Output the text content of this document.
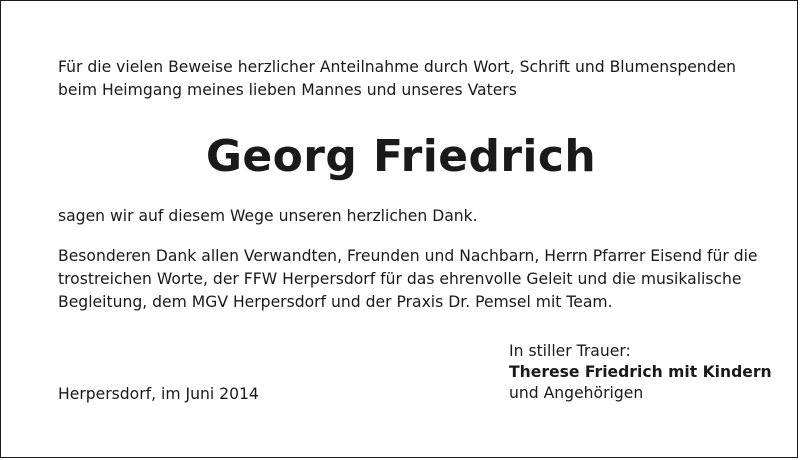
Für die vielen Beweise herzlicher Anteilnahme durch Wort, Schrift und Blumenspenden
beim Heimgang meines lieben Mannes und unseres Vaters

Georg Friedrich

sagen wir auf diesem Wege unseren herzlichen Dank.

Besonderen Dank allen Verwandten, Freunden und Nachbarn, Herrn Pfarrer Eisend für die
trostreichen Worte, der FFW Herpersdorf für das ehrenvolle Geleit und die musikalische
Begleitung, dem MGV Herpersdorf und der Praxis Dr. Pemsel mit Team.

Herpersdorf, im Juni 2014
In stiller Trauer:
Therese Friedrich mit Kindern
und Angehörigen
